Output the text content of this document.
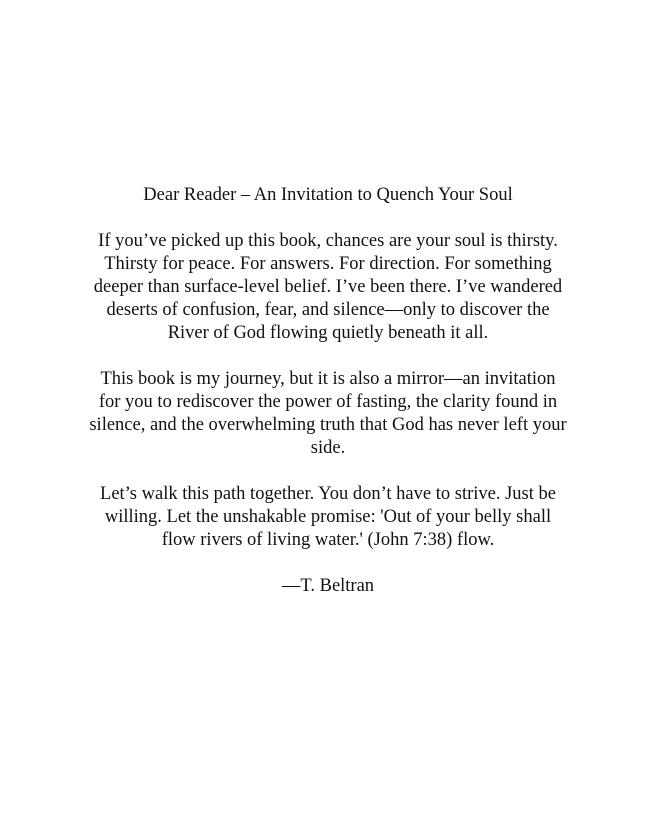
Dear Reader – An Invitation to Quench Your Soul

If you’ve picked up this book, chances are your soul is thirsty. Thirsty for peace. For answers. For direction. For something deeper than surface-level belief. I’ve been there. I’ve wandered deserts of confusion, fear, and silence—only to discover the River of God flowing quietly beneath it all.

This book is my journey, but it is also a mirror—an invitation for you to rediscover the power of fasting, the clarity found in silence, and the overwhelming truth that God has never left your side.

Let’s walk this path together. You don’t have to strive. Just be willing. Let the unshakable promise: 'Out of your belly shall flow rivers of living water.' (John 7:38) flow.

—T. Beltran
